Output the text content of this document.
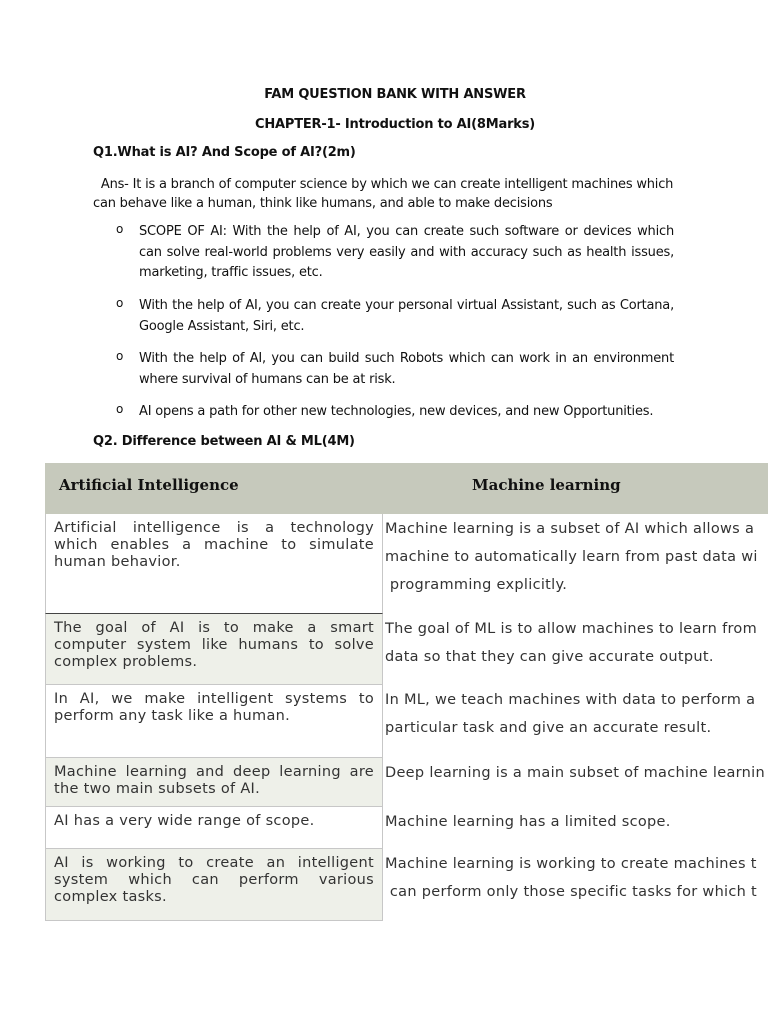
FAM QUESTION BANK WITH ANSWER
CHAPTER-1- Introduction to AI(8Marks)
Q1.What is AI? And Scope of AI?(2m)
Ans- It is a branch of computer science by which we can create intelligent machines which can behave like a human, think like humans, and able to make decisions
o SCOPE OF AI: With the help of AI, you can create such software or devices which can solve real-world problems very easily and with accuracy such as health issues, marketing, traffic issues, etc.
o With the help of AI, you can create your personal virtual Assistant, such as Cortana, Google Assistant, Siri, etc.
o With the help of AI, you can build such Robots which can work in an environment where survival of humans can be at risk.
o AI opens a path for other new technologies, new devices, and new Opportunities.
Q2. Difference between AI & ML(4M)
Artificial Intelligence	Machine learning
Artificial intelligence is a technology which enables a machine to simulate human behavior.
Machine learning is a subset of AI which allows a
machine to automatically learn from past data wi
programming explicitly.
The goal of AI is to make a smart computer system like humans to solve complex problems.
The goal of ML is to allow machines to learn from
data so that they can give accurate output.
In AI, we make intelligent systems to perform any task like a human.
In ML, we teach machines with data to perform a
particular task and give an accurate result.
Machine learning and deep learning are the two main subsets of AI.
Deep learning is a main subset of machine learnin
AI has a very wide range of scope.	Machine learning has a limited scope.
AI is working to create an intelligent system which can perform various complex tasks.
Machine learning is working to create machines t
can perform only those specific tasks for which t
